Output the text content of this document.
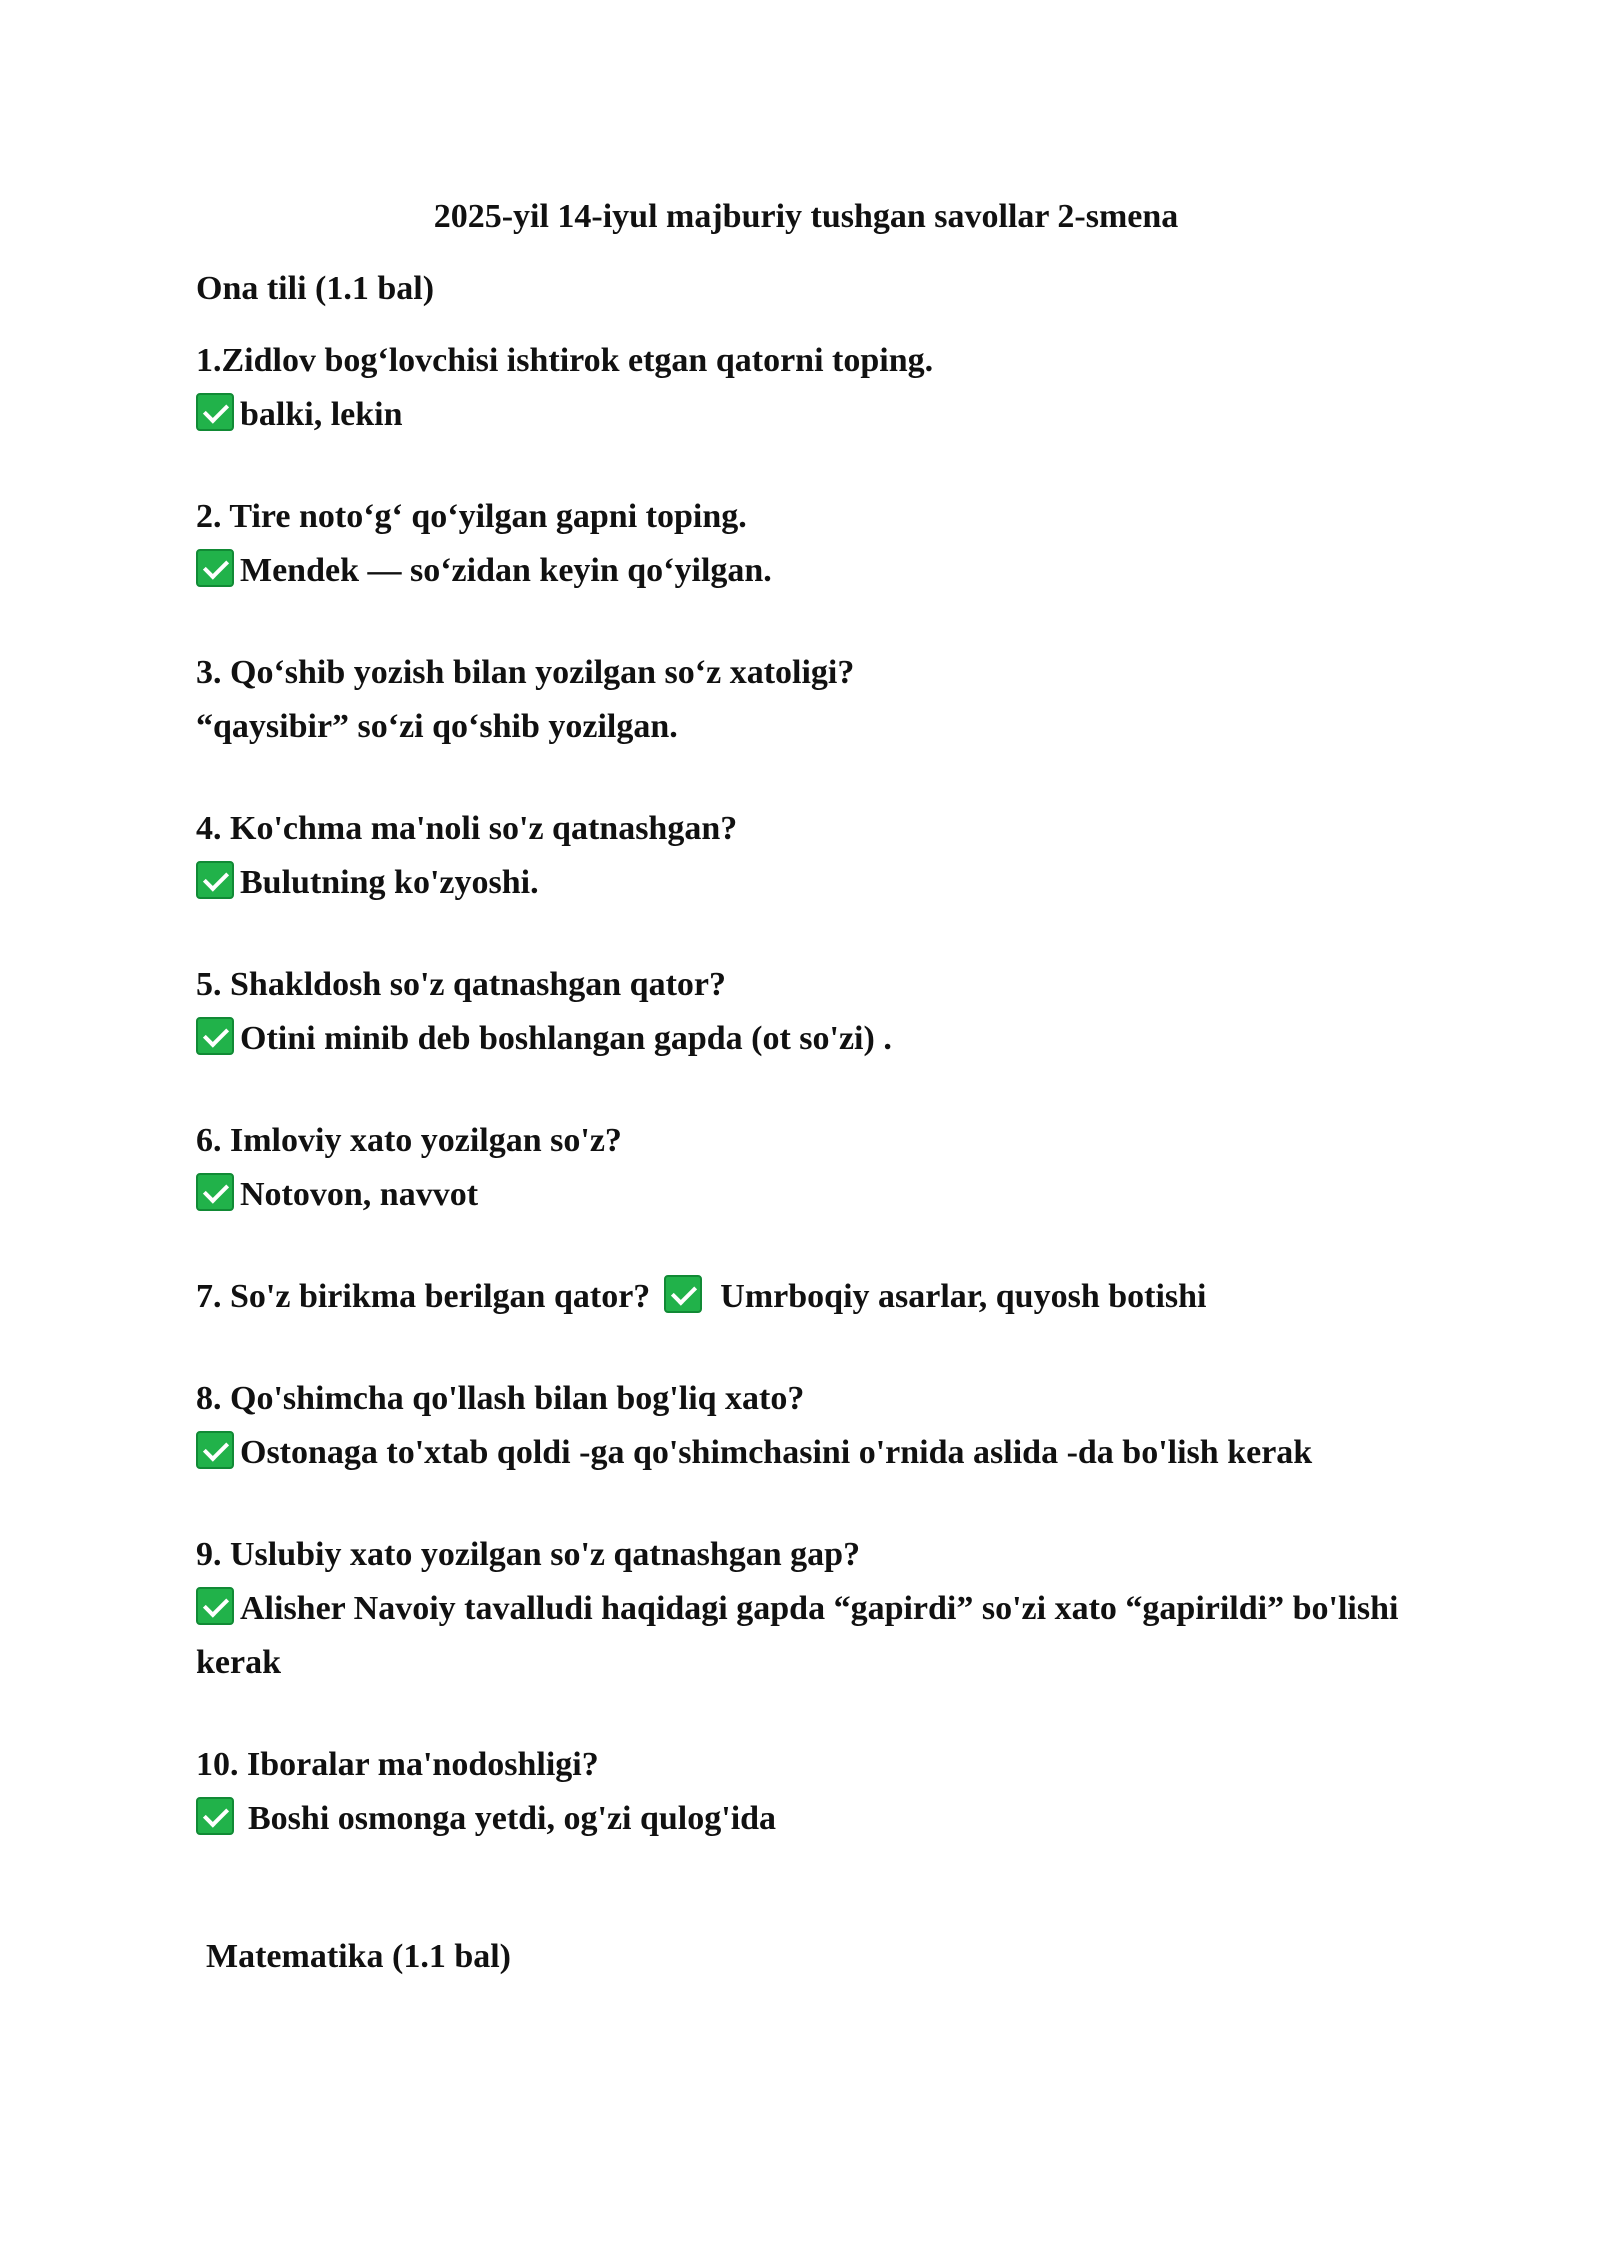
2025-yil 14-iyul majburiy tushgan savollar 2-smena
Ona tili (1.1 bal)
1.Zidlov bog‘lovchisi ishtirok etgan qatorni toping.
balki, lekin
2. Tire noto‘g‘ qo‘yilgan gapni toping.
Mendek — so‘zidan keyin qo‘yilgan.
3. Qo‘shib yozish bilan yozilgan so‘z xatoligi?
“qaysibir” so‘zi qo‘shib yozilgan.
4. Ko'chma ma'noli so'z qatnashgan?
Bulutning ko'zyoshi.
5. Shakldosh so'z qatnashgan qator?
Otini minib deb boshlangan gapda (ot so'zi) .
6. Imloviy xato yozilgan so'z?
Notovon, navvot
7. So'z birikma berilgan qator? Umrboqiy asarlar, quyosh botishi
8. Qo'shimcha qo'llash bilan bog'liq xato?
Ostonaga to'xtab qoldi -ga qo'shimchasini o'rnida aslida -da bo'lish kerak
9. Uslubiy xato yozilgan so'z qatnashgan gap?
Alisher Navoiy tavalludi haqidagi gapda “gapirdi” so'zi xato “gapirildi” bo'lishi kerak
10. Iboralar ma'nodoshligi?
Boshi osmonga yetdi, og'zi qulog'ida
Matematika (1.1 bal)
